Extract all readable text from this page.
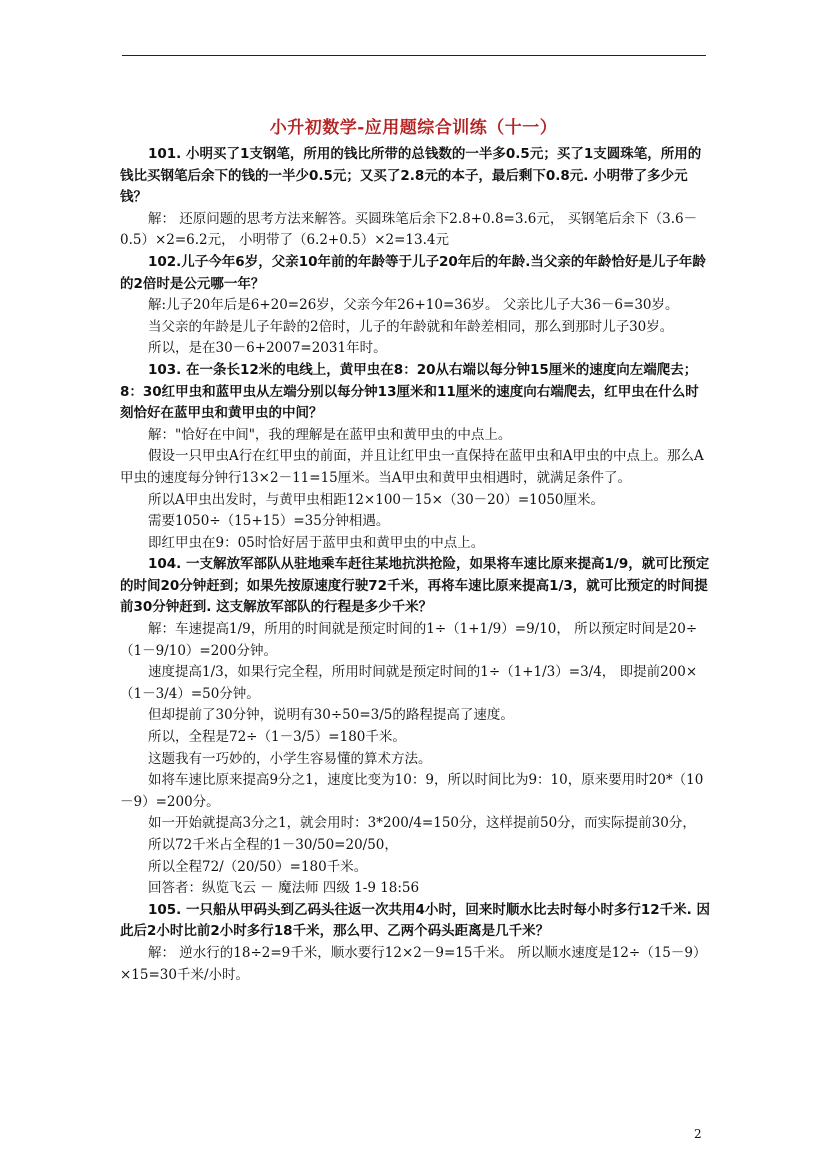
小升初数学-应用题综合训练（十一）

101. 小明买了1支钢笔，所用的钱比所带的总钱数的一半多0.5元；买了1支圆珠笔，所用的钱比买钢笔后余下的钱的一半少0.5元；又买了2.8元的本子，最后剩下0.8元. 小明带了多少元钱？

解： 还原问题的思考方法来解答。买圆珠笔后余下2.8+0.8=3.6元， 买钢笔后余下（3.6－0.5）×2=6.2元， 小明带了（6.2+0.5）×2=13.4元

102.儿子今年6岁，父亲10年前的年龄等于儿子20年后的年龄.当父亲的年龄恰好是儿子年龄的2倍时是公元哪一年？

解:儿子20年后是6+20=26岁，父亲今年26+10=36岁。 父亲比儿子大36－6=30岁。

当父亲的年龄是儿子年龄的2倍时，儿子的年龄就和年龄差相同，那么到那时儿子30岁。

所以，是在30－6+2007=2031年时。

103. 在一条长12米的电线上，黄甲虫在8：20从右端以每分钟15厘米的速度向左端爬去；8：30红甲虫和蓝甲虫从左端分别以每分钟13厘米和11厘米的速度向右端爬去，红甲虫在什么时刻恰好在蓝甲虫和黄甲虫的中间？

解："恰好在中间"，我的理解是在蓝甲虫和黄甲虫的中点上。

假设一只甲虫A行在红甲虫的前面，并且让红甲虫一直保持在蓝甲虫和A甲虫的中点上。那么A甲虫的速度每分钟行13×2－11=15厘米。当A甲虫和黄甲虫相遇时，就满足条件了。

所以A甲虫出发时，与黄甲虫相距12×100－15×（30－20）=1050厘米。

需要1050÷（15+15）=35分钟相遇。

即红甲虫在9：05时恰好居于蓝甲虫和黄甲虫的中点上。

104. 一支解放军部队从驻地乘车赶往某地抗洪抢险，如果将车速比原来提高1/9，就可比预定的时间20分钟赶到；如果先按原速度行驶72千米，再将车速比原来提高1/3，就可比预定的时间提前30分钟赶到. 这支解放军部队的行程是多少千米？

解：车速提高1/9，所用的时间就是预定时间的1÷（1+1/9）=9/10， 所以预定时间是20÷（1－9/10）=200分钟。

速度提高1/3，如果行完全程，所用时间就是预定时间的1÷（1+1/3）=3/4， 即提前200×（1－3/4）=50分钟。

但却提前了30分钟，说明有30÷50=3/5的路程提高了速度。

所以，全程是72÷（1－3/5）=180千米。

这题我有一巧妙的，小学生容易懂的算术方法。

如将车速比原来提高9分之1，速度比变为10：9，所以时间比为9：10，原来要用时20*（10－9）=200分。

如一开始就提高3分之1，就会用时：3*200/4=150分，这样提前50分，而实际提前30分，

所以72千米占全程的1－30/50=20/50，

所以全程72/（20/50）=180千米。

回答者：纵览飞云 － 魔法师 四级 1-9 18:56

105. 一只船从甲码头到乙码头往返一次共用4小时，回来时顺水比去时每小时多行12千米. 因此后2小时比前2小时多行18千米，那么甲、乙两个码头距离是几千米？

解： 逆水行的18÷2=9千米，顺水要行12×2－9=15千米。 所以顺水速度是12÷（15－9）×15=30千米/小时。

2
